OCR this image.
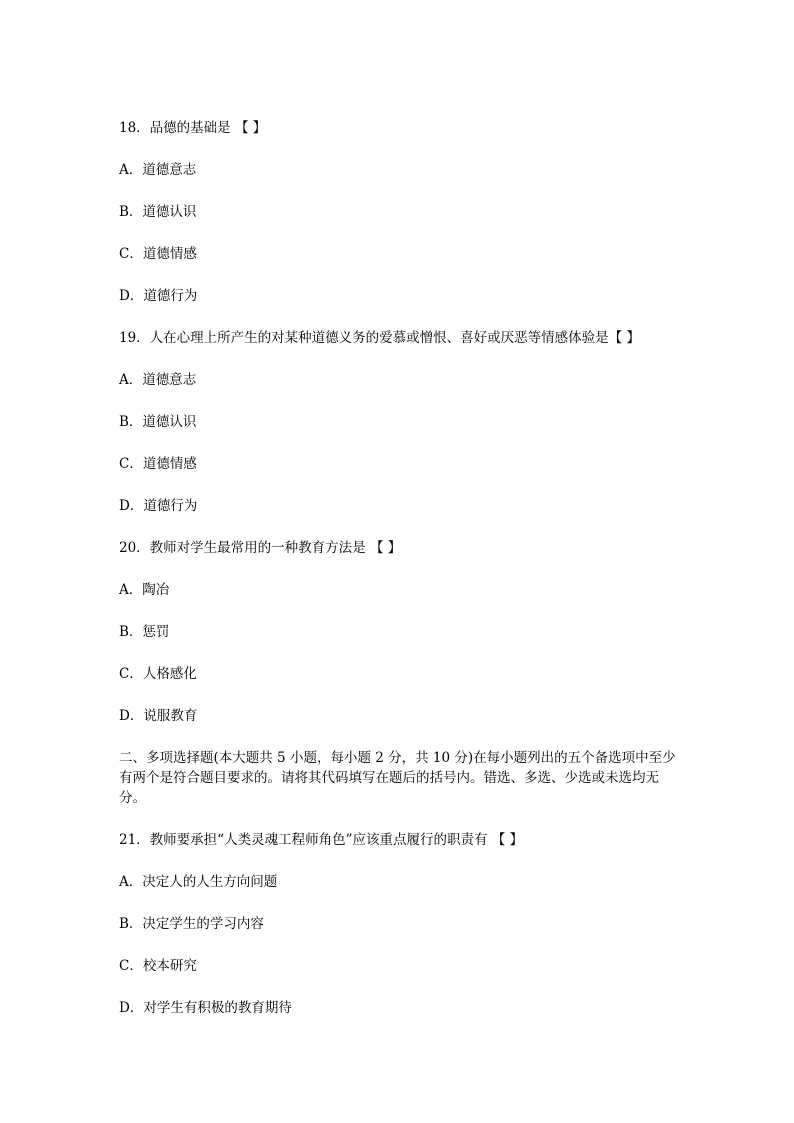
18．品德的基础是 【 】

A．道德意志

B．道德认识

C．道德情感

D．道德行为

19．人在心理上所产生的对某种道德义务的爱慕或憎恨、喜好或厌恶等情感体验是【 】

A．道德意志

B．道德认识

C．道德情感

D．道德行为

20．教师对学生最常用的一种教育方法是 【 】

A．陶冶

B．惩罚

C．人格感化

D．说服教育

二、多项选择题(本大题共 5 小题，每小题 2 分，共 10 分)在每小题列出的五个备选项中至少有两个是符合题目要求的。请将其代码填写在题后的括号内。错选、多选、少选或未选均无分。

21．教师要承担“人类灵魂工程师角色”应该重点履行的职责有 【 】

A．决定人的人生方向问题

B．决定学生的学习内容

C．校本研究

D．对学生有积极的教育期待
